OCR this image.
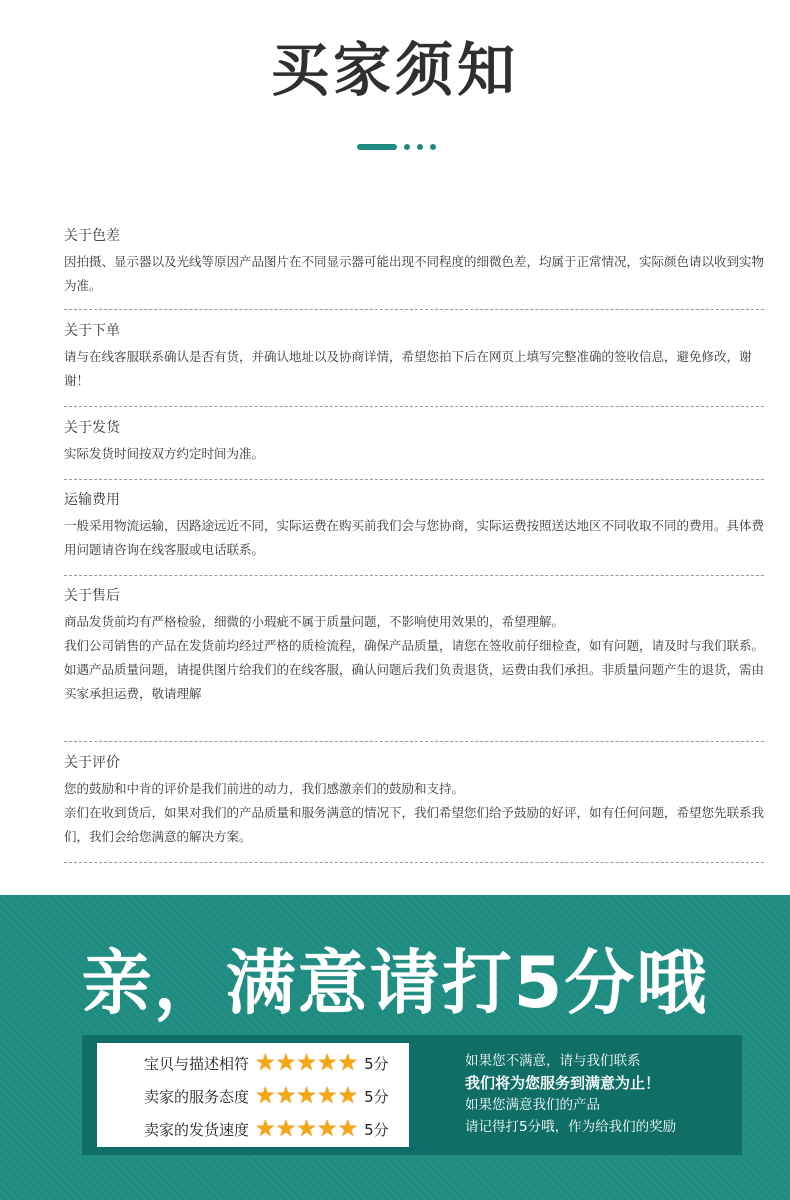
买家须知
关于色差

因拍摄、显示器以及光线等原因产品图片在不同显示器可能出现不同程度的细微色差，均属于正常情况，实际颜色请以收到实物为准。

关于下单

请与在线客服联系确认是否有货，并确认地址以及协商详情，希望您拍下后在网页上填写完整准确的签收信息，避免修改，谢谢！

关于发货

实际发货时间按双方约定时间为准。

运输费用

一般采用物流运输，因路途远近不同，实际运费在购买前我们会与您协商，实际运费按照送达地区不同收取不同的费用。具体费用问题请咨询在线客服或电话联系。

关于售后

商品发货前均有严格检验，细微的小瑕疵不属于质量问题，不影响使用效果的，希望理解。

我们公司销售的产品在发货前均经过严格的质检流程，确保产品质量，请您在签收前仔细检查，如有问题，请及时与我们联系。

如遇产品质量问题，请提供图片给我们的在线客服，确认问题后我们负责退货，运费由我们承担。非质量问题产生的退货，需由买家承担运费，敬请理解

关于评价

您的鼓励和中肯的评价是我们前进的动力，我们感激亲们的鼓励和支持。

亲们在收到货后，如果对我们的产品质量和服务满意的情况下，我们希望您们给予鼓励的好评，如有任何问题，希望您先联系我们，我们会给您满意的解决方案。

亲，满意请打5分哦
宝贝与描述相符 ★ ★ ★ ★ ★ 5分
卖家的服务态度 ★ ★ ★ ★ ★ 5分
卖家的发货速度 ★ ★ ★ ★ ★ 5分
如果您不满意，请与我们联系
我们将为您服务到满意为止！
如果您满意我们的产品
请记得打5分哦，作为给我们的奖励
